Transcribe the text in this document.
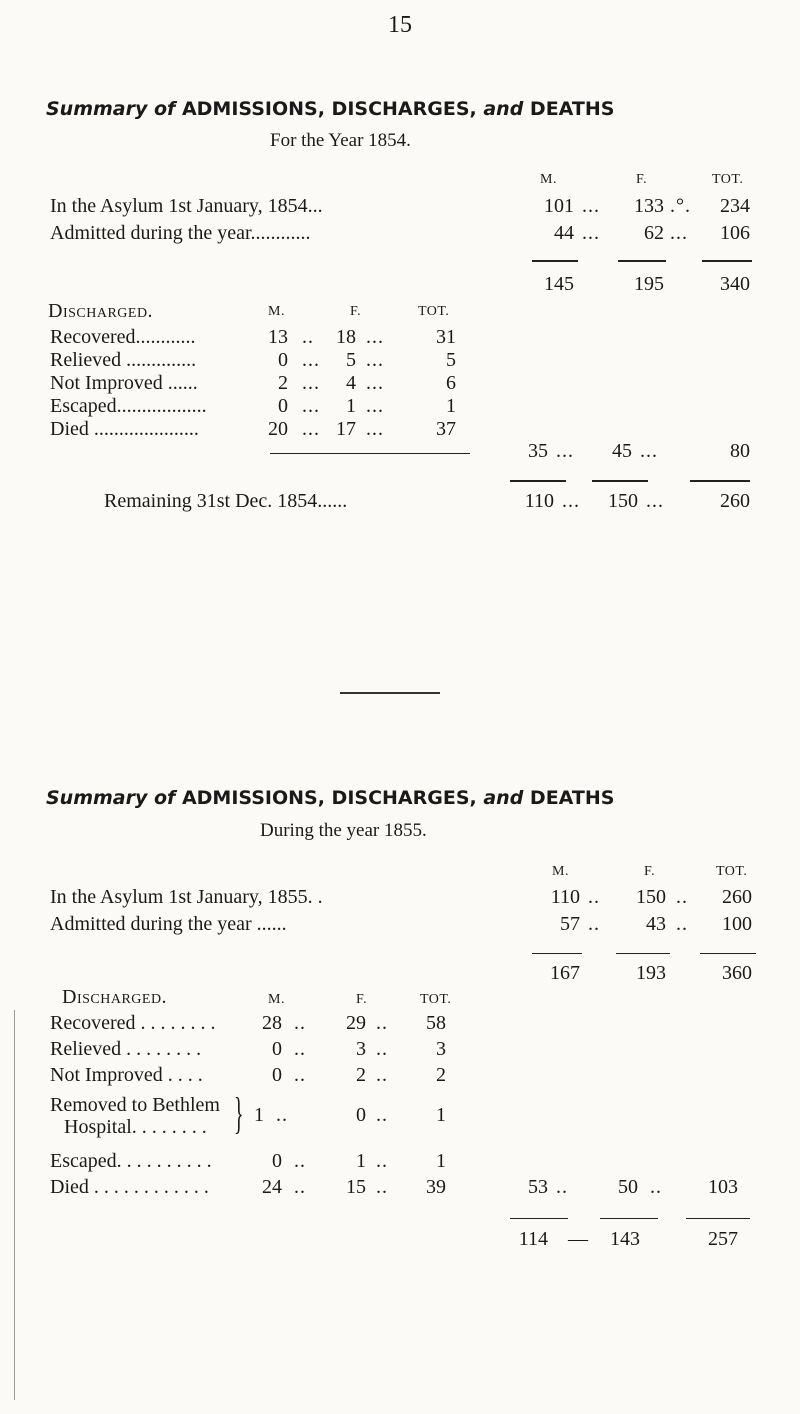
15
Summary of ADMISSIONS, DISCHARGES, and DEATHS
For the Year 1854.
M.	F.	TOT.
In the Asylum 1st January, 1854...	101 ...	133 .°.	234
Admitted during the year............	44 ...	62 ...	106
145	195	340
Discharged.	M.	F.	TOT.
Recovered............	13 ..	18 ...	31
Relieved ..............	0 ...	5 ...	5
Not Improved ......	2 ...	4 ...	6
Escaped..................	0 ...	1 ...	1
Died .....................	20 ... 17 ...	37
35 ...	45 ...	80
Remaining 31st Dec. 1854......	110 ...	150 ...	260
Summary of ADMISSIONS, DISCHARGES, and DEATHS
During the year 1855.
M.	F.	TOT.
In the Asylum 1st January, 1855. .	110 ..	150 ..	260
Admitted during the year ......	57 ..	43 ..	100
167	193	360
Discharged.	M.	F.	TOT.
Recovered . . . . . . . .	28 ..	29 ..	58
Relieved . . . . . . . .	0 ..	3 ..	3
Not Improved . . . .	0 ..	2 ..	2
Removed to Bethlem
Hospital. . . . . . . . } 1 ..	0 ..	1
Escaped. . . . . . . . . .	0 ..	1 ..	1
Died . . . . . . . . . . . .	24 ..	15 ..	39	53 ..	50 ..	103
114 —	143	257
